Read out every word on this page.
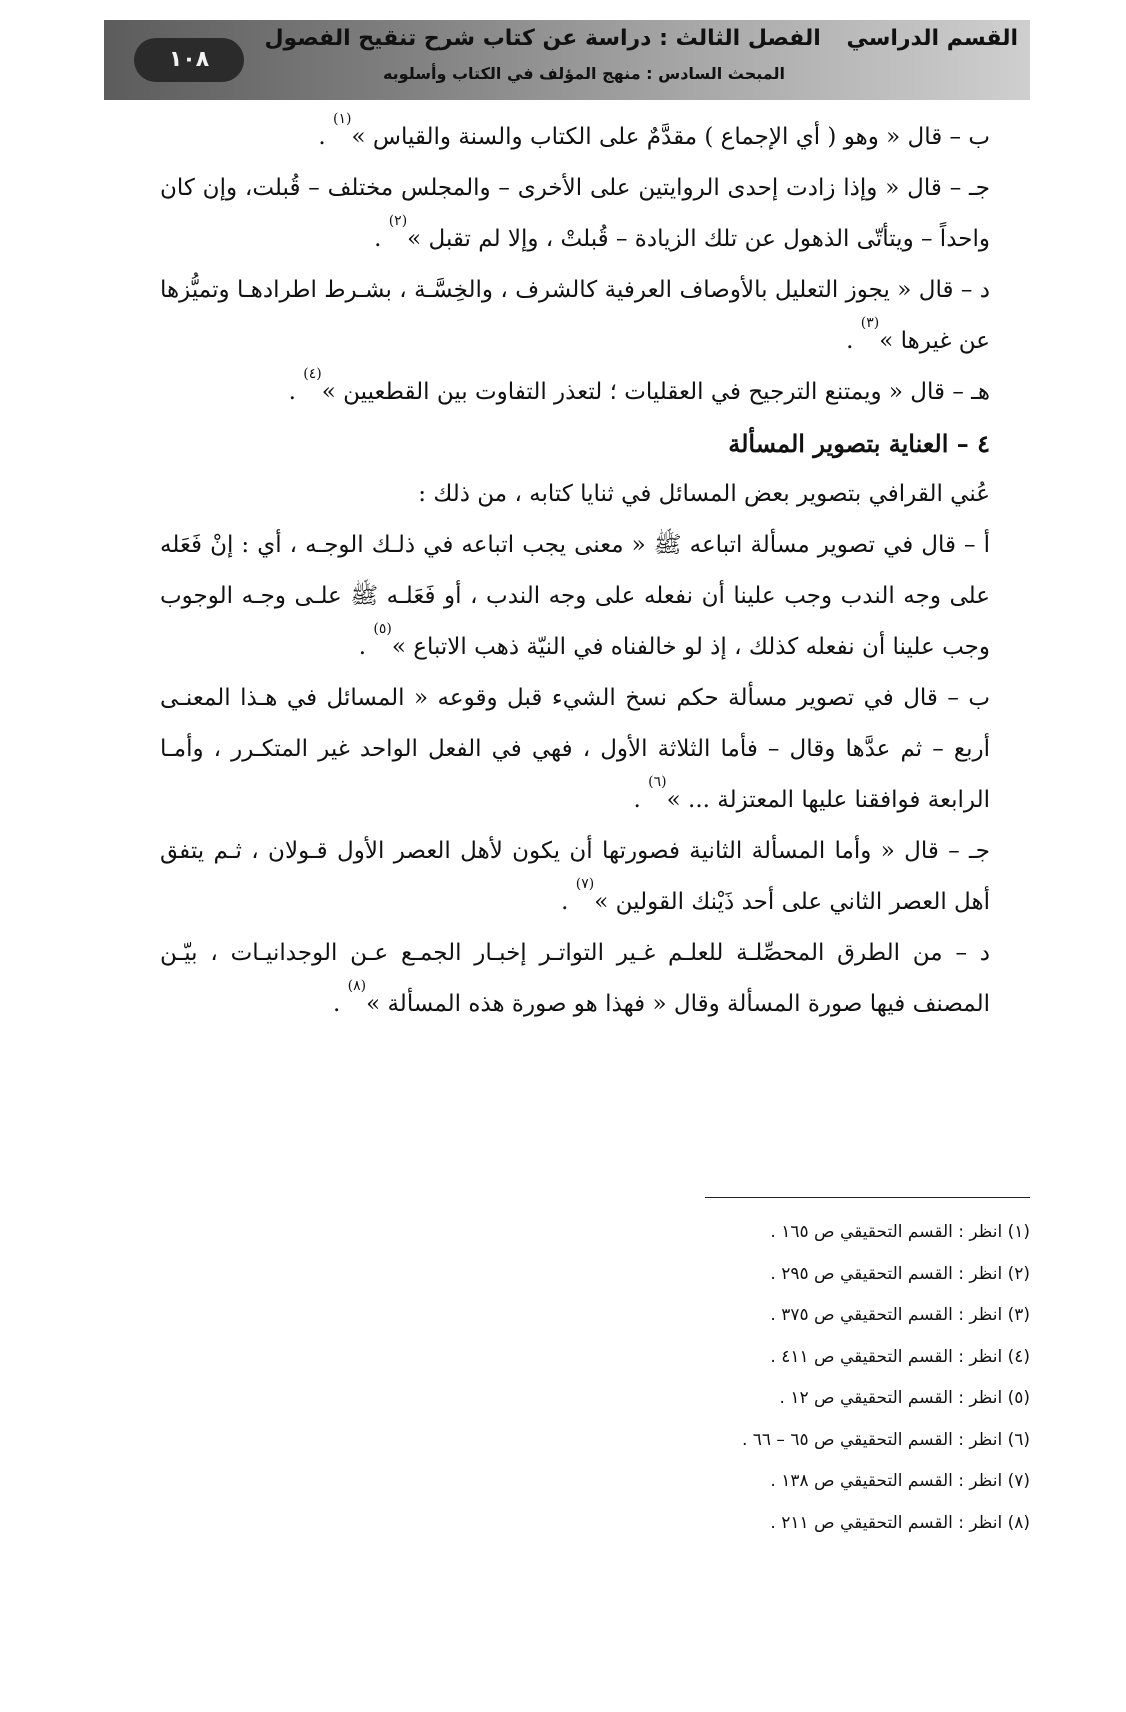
القسم الدراسي الفصل الثالث : دراسة عن كتاب شرح تنقيح الفصول
المبحث السادس : منهج المؤلف في الكتاب وأسلوبه
١٠٨

ب – قال « وهو ( أي الإجماع ) مقدَّمٌ على الكتاب والسنة والقياس »$^{(١)}$ .

جـ – قال « وإذا زادت إحدى الروايتين على الأخرى – والمجلس مختلف – قُبلت، وإن كان واحداً – ويتأتّى الذهول عن تلك الزيادة – قُبلتْ ، وإلا لم تقبل »$^{(٢)}$ .

د – قال « يجوز التعليل بالأوصاف العرفية كالشرف ، والخِسَّـة ، بشـرط اطرادهـا وتميُّزها عن غيرها »$^{(٣)}$ .

هـ – قال « ويمتنع الترجيح في العقليات ؛ لتعذر التفاوت بين القطعيين »$^{(٤)}$ .

٤ – العناية بتصوير المسألة

عُني القرافي بتصوير بعض المسائل في ثنايا كتابه ، من ذلك :

أ – قال في تصوير مسألة اتباعه ﷺ « معنى يجب اتباعه في ذلـك الوجـه ، أي : إنْ فَعَله على وجه الندب وجب علينا أن نفعله على وجه الندب ، أو فَعَلـه ﷺ علـى وجـه الوجوب وجب علينا أن نفعله كذلك ، إذ لو خالفناه في النيّة ذهب الاتباع »$^{(٥)}$ .

ب – قال في تصوير مسألة حكم نسخ الشيء قبل وقوعه « المسائل في هـذا المعنـى أربع – ثم عدَّها وقال – فأما الثلاثة الأول ، فهي في الفعل الواحد غير المتكـرر ، وأمـا الرابعة فوافقنا عليها المعتزلة ... »$^{(٦)}$ .

جـ – قال « وأما المسألة الثانية فصورتها أن يكون لأهل العصر الأول قـولان ، ثـم يتفق أهل العصر الثاني على أحد ذَيْنك القولين »$^{(٧)}$ .

د – من الطرق المحصِّلـة للعلـم غـير التواتـر إخبـار الجمـع عـن الوجدانيـات ، بيّـن المصنف فيها صورة المسألة وقال « فهذا هو صورة هذه المسألة »$^{(٨)}$ .

(١) انظر : القسم التحقيقي ص ١٦٥ .
(٢) انظر : القسم التحقيقي ص ٢٩٥ .
(٣) انظر : القسم التحقيقي ص ٣٧٥ .
(٤) انظر : القسم التحقيقي ص ٤١١ .
(٥) انظر : القسم التحقيقي ص ١٢ .
(٦) انظر : القسم التحقيقي ص ٦٥ – ٦٦ .
(٧) انظر : القسم التحقيقي ص ١٣٨ .
(٨) انظر : القسم التحقيقي ص ٢١١ .
